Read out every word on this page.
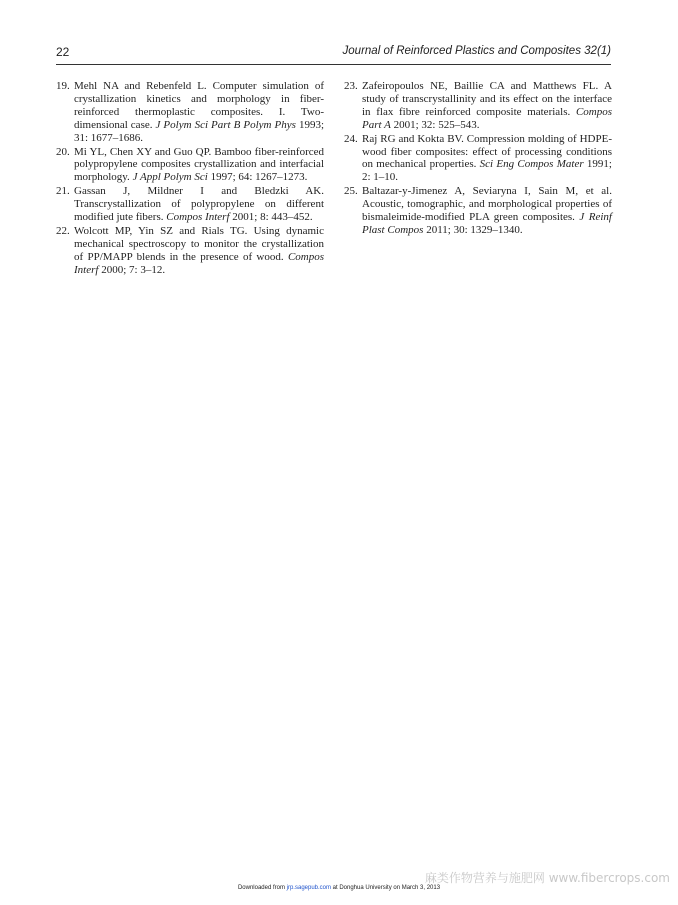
22	Journal of Reinforced Plastics and Composites 32(1)
19. Mehl NA and Rebenfeld L. Computer simulation of crystallization kinetics and morphology in fiber-reinforced thermoplastic composites. I. Two-dimensional case. J Polym Sci Part B Polym Phys 1993; 31: 1677–1686.
20. Mi YL, Chen XY and Guo QP. Bamboo fiber-reinforced polypropylene composites crystallization and interfacial morphology. J Appl Polym Sci 1997; 64: 1267–1273.
21. Gassan J, Mildner I and Bledzki AK. Transcrystallization of polypropylene on different modified jute fibers. Compos Interf 2001; 8: 443–452.
22. Wolcott MP, Yin SZ and Rials TG. Using dynamic mechanical spectroscopy to monitor the crystallization of PP/MAPP blends in the presence of wood. Compos Interf 2000; 7: 3–12.
23. Zafeiropoulos NE, Baillie CA and Matthews FL. A study of transcrystallinity and its effect on the interface in flax fibre reinforced composite materials. Compos Part A 2001; 32: 525–543.
24. Raj RG and Kokta BV. Compression molding of HDPE-wood fiber composites: effect of processing conditions on mechanical properties. Sci Eng Compos Mater 1991; 2: 1–10.
25. Baltazar-y-Jimenez A, Seviaryna I, Sain M, et al. Acoustic, tomographic, and morphological properties of bismaleimide-modified PLA green composites. J Reinf Plast Compos 2011; 30: 1329–1340.
Downloaded from jrp.sagepub.com at Donghua University on March 3, 2013
麻类作物营养与施肥网 www.fibercrops.com
